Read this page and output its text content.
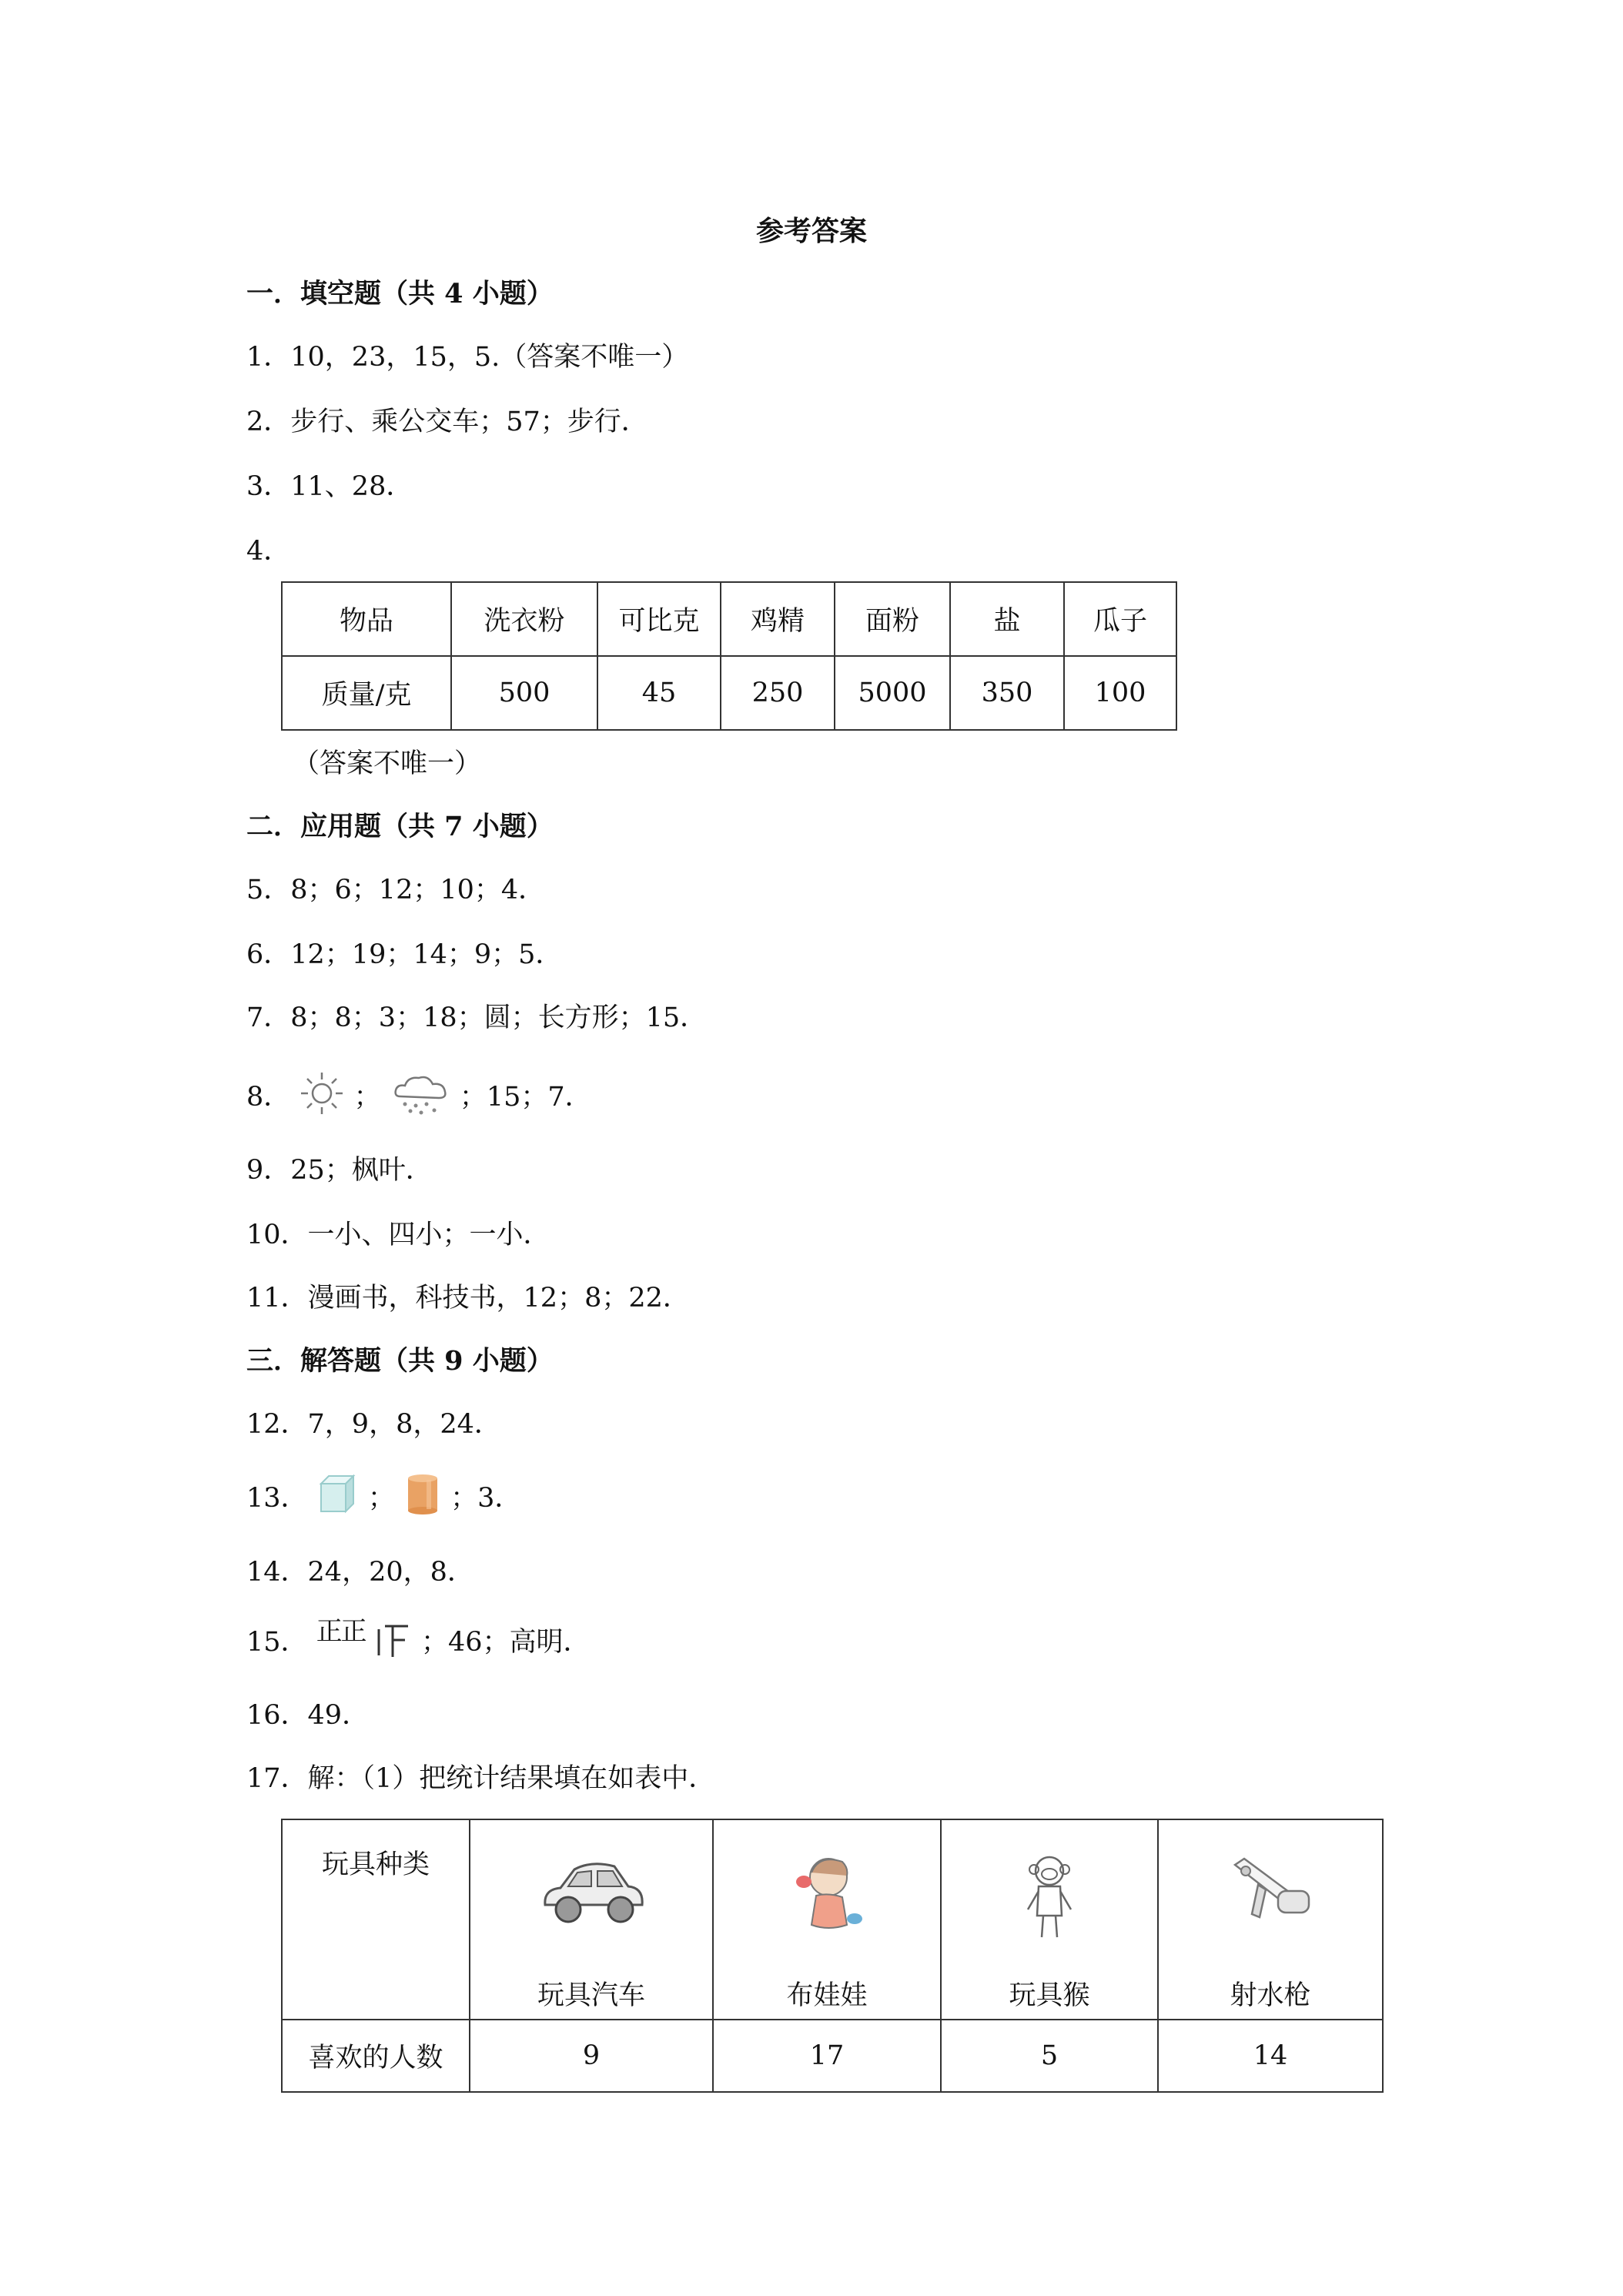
参考答案
一．填空题（共 4 小题）
1．10，23，15，5.（答案不唯一）
2．步行、乘公交车；57；步行．
3．11、28．
4．
物品	洗衣粉	可比克	鸡精	面粉	盐	瓜子
质量/克	500	45	250	5000	350	100
（答案不唯一）
二．应用题（共 7 小题）
5．8；6；12；10；4．
6．12；19；14；9；5．
7．8；8；3；18；圆；长方形；15．
8． ；	；15；7．
9．25；枫叶．
10．一小、四小；一小．
11．漫画书，科技书，12；8；22．
三．解答题（共 9 小题）
12．7，9，8，24．
13． ； ；3．
14．24，20，8．
15． 正正 ；46；高明．
16．49．
17．解：（1）把统计结果填在如表中．
玩具种类	玩具汽车	布娃娃	玩具猴	射水枪

喜欢的人数	9	17	5	14
